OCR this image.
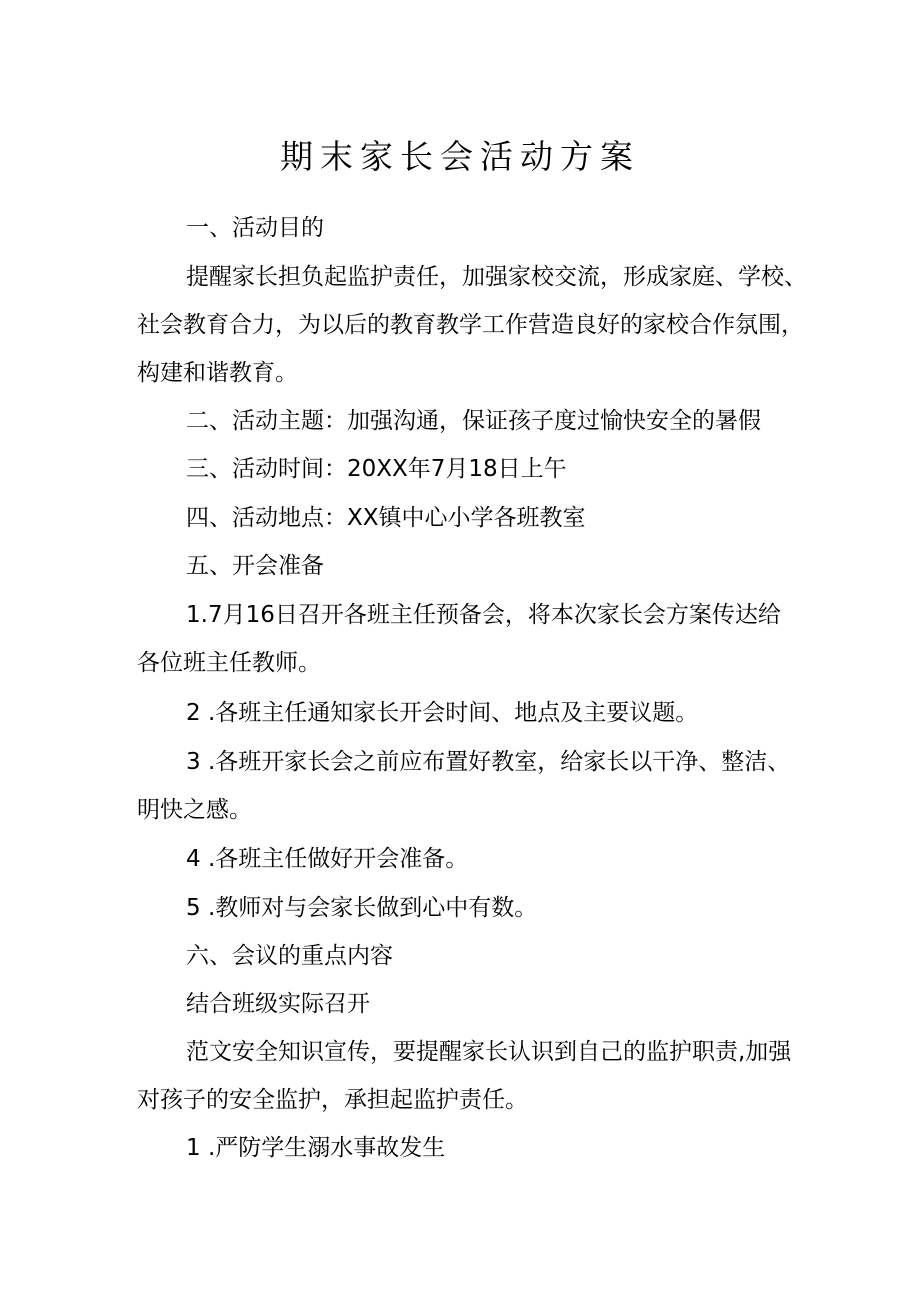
期末家长会活动方案
一、活动目的
提醒家长担负起监护责任，加强家校交流，形成家庭、学校、
社会教育合力，为以后的教育教学工作营造良好的家校合作氛围，
构建和谐教育。
二、活动主题：加强沟通，保证孩子度过愉快安全的暑假
三、活动时间：20XX年7月18日上午
四、活动地点：XX镇中心小学各班教室
五、开会准备
1.7月16日召开各班主任预备会，将本次家长会方案传达给
各位班主任教师。
2 .各班主任通知家长开会时间、地点及主要议题。
3 .各班开家长会之前应布置好教室，给家长以干净、整洁、
明快之感。
4 .各班主任做好开会准备。
5 .教师对与会家长做到心中有数。
六、会议的重点内容
结合班级实际召开
范文安全知识宣传，要提醒家长认识到自己的监护职责,加强
对孩子的安全监护，承担起监护责任。
1 .严防学生溺水事故发生
